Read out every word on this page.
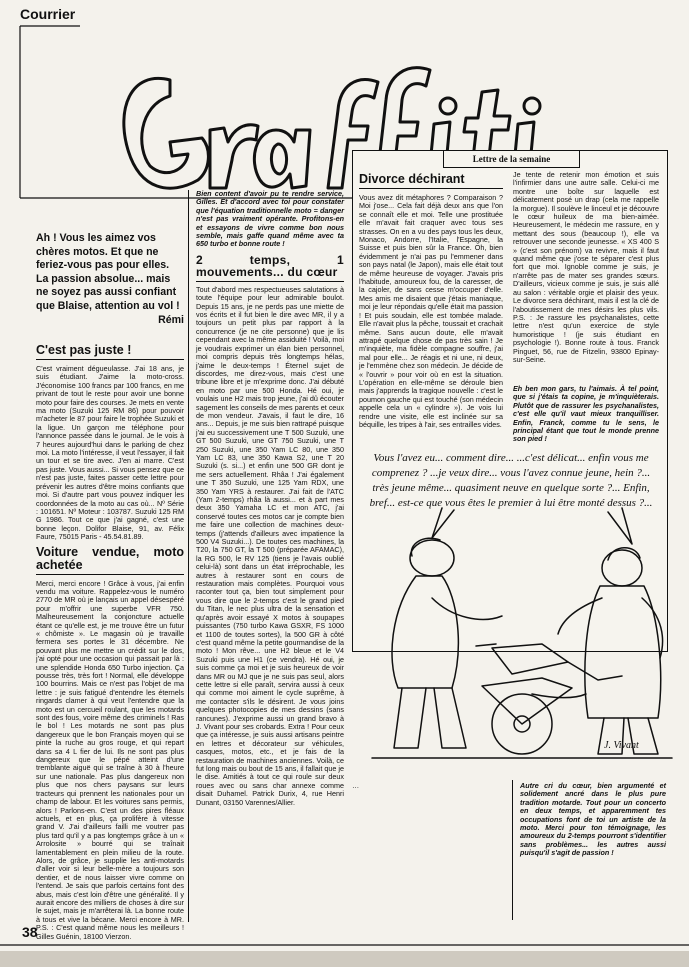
Courrier
Ah ! Vous les aimez vos chères motos. Et que ne feriez-vous pas pour elles. La passion absolue... mais ne soyez pas aussi confiant que Blaise, attention au vol !
Rémi
C'est pas juste !

C'est vraiment dégueulasse. J'ai 18 ans, je suis étudiant. J'aime la moto-cross. J'économise 100 francs par 100 francs, en me privant de tout le reste pour avoir une bonne moto pour faire des courses. Je mets en vente ma moto (Suzuki 125 RM 86) pour pouvoir m'acheter le 87 pour faire le trophée Suzuki et la ligue. Un garçon me téléphone pour l'annonce passée dans le journal. Je le vois à 7 heures aujourd'hui dans le parking de chez moi. La moto l'intéresse, il veut l'essayer, il fait un tour et se tire avec. J'en ai marre. C'est pas juste. Vous aussi... Si vous pensez que ce n'est pas juste, faites passer cette lettre pour prévenir les autres d'être moins confiants que moi. Si d'autre part vous pouvez indiquer les coordonnées de la moto au cas où... Nº Série : 101651. Nº Moteur : 103787. Suzuki 125 RM G 1986. Tout ce que j'ai gagné, c'est une bonne leçon. Dolifor Blaise, 91, av. Félix Faure, 75015 Paris - 45.54.81.89.

Voiture vendue, moto achetée

Merci, merci encore ! Grâce à vous, j'ai enfin vendu ma voiture. Rappelez-vous le numéro 2770 de MR où je lançais un appel désespéré pour m'offrir une superbe VFR 750. Malheureusement la conjoncture actuelle étant ce qu'elle est, je me trouve être un futur « chômiste ». Le magasin où je travaille fermera ses portes le 31 décembre. Ne pouvant plus me mettre un crédit sur le dos, j'ai opté pour une occasion qui passait par là : une splendide Honda 650 Turbo injection. Ça pousse très, très fort ! Normal, elle développe 100 bourrins. Mais ce n'est pas l'objet de ma lettre : je suis fatigué d'entendre les éternels ringards clamer à qui veut l'entendre que la moto est un cercueil roulant, que les motards sont des fous, voire même des criminels ! Ras le bol ! Les motards ne sont pas plus dangereux que le bon Français moyen qui se pinte la ruche au gros rouge, et qui repart dans sa 4 L fier de lui. Ils ne sont pas plus dangereux que le pépé atteint d'une tremblante aiguë qui se traîne à 30 à l'heure sur une nationale. Pas plus dangereux non plus que nos chers paysans sur leurs tracteurs qui prennent les nationales pour un champ de labour. Et les voitures sans permis, alors ! Parlons-en. C'est un des pires fléaux actuels, et en plus, ça prolifère à vitesse grand V. J'ai d'ailleurs failli me voutrer pas plus tard qu'il y a pas longtemps grâce à un « Arrolosite » bourré qui se traînait lamentablement en plein milieu de la route. Alors, de grâce, je supplie les anti-motards d'aller voir si leur belle-mère a toujours son dentier, et de nous laisser vivre comme on l'entend. Je sais que parfois certains font des abus, mais c'est loin d'être une généralité. Il y aurait encore des milliers de choses à dire sur le sujet, mais je m'arrêterai là. La bonne route à tous et vive la bécane. Merci encore à MR. P.S. : C'est quand même nous les meilleurs ! Gilles Guénin, 18100 Vierzon.

Bien content d'avoir pu te rendre service, Gilles. Et d'accord avec toi pour constater que l'équation traditionnelle moto = danger n'est pas vraiment opérante. Profitons-en et essayons de vivre comme bon nous semble, mais gaffe quand même avec ta 650 turbo et bonne route !

2 temps, 1 mouvements... du cœur

Tout d'abord mes respectueuses salutations à toute l'équipe pour leur admirable boulot. Depuis 15 ans, je ne perds pas une miette de vos écrits et il fut bien le dire avec MR, il y a toujours un petit plus par rapport à la concurrence (je ne cite personne) que je lis cependant avec la même assiduité ! Voilà, moi je voudrais exprimer un élan bien personnel, moi compris depuis très longtemps hélas, j'aime le deux-temps ! Éternel sujet de discordes, me direz-vous, mais c'est une tribune libre et je m'exprime donc. J'ai débuté en moto par une 500 Honda. Hé oui, je voulais une H2 mais trop jeune, j'ai dû écouter sagement les conseils de mes parents et ceux de mon vendeur. J'avais, il faut le dire, 16 ans... Depuis, je me suis bien rattrapé puisque j'ai eu successivement une T 500 Suzuki, une GT 500 Suzuki, une GT 750 Suzuki, une T 250 Suzuki, une 350 Yam LC 80, une 350 Yam LC 83, une 350 Kawa S2, une T 20 Suzuki (s. si...) et enfin une 500 GR dont je me sers actuellement. Rhâa ! J'ai également une T 350 Suzuki, une 125 Yam RDX, une 350 Yam YRS à restaurer. J'ai fait de l'ATC (Yam 2-temps) rhâa là aussi... et à part mes deux 350 Yamaha LC et mon ATC, j'ai conservé toutes ces motos car je compte bien me faire une collection de machines deux-temps (j'attends d'ailleurs avec impatience la 500 V4 Suzuki...). De toutes ces machines, la T20, la 750 GT, la T 500 (préparée AFAMAC), la RG 500, le RV 125 (tiens je l'avais oublié celui-là) sont dans un état irréprochable, les autres à restaurer sont en cours de restauration mais complètes. Pourquoi vous raconter tout ça, bien tout simplement pour vous dire que le 2-temps c'est le grand pied du Titan, le nec plus ultra de la sensation et qu'après avoir essayé X motos à soupapes puissantes (750 turbo Kawa GSXR, FS 1000 et 1100 de toutes sortes), la 500 GR à côté c'est quand même la petite gourmandise de la moto ! Mon rêve... une H2 bleue et le V4 Suzuki puis une H1 (ce vendra). Hé oui, je suis comme ça moi et je suis heureux de voir dans MR ou MJ que je ne suis pas seul, alors cette lettre si elle paraît, servira aussi à ceux qui comme moi aiment le cycle suprême, à me contacter s'ils le désirent. Je vous joins quelques photocopies de mes dessins (sans rancunes). J'exprime aussi un grand bravo à J. Vivant pour ses crobards. Extra ! Pour ceux que ça intéresse, je suis aussi artisans peintre en lettres et décorateur sur véhicules, casques, motos, etc., et je fais de la restauration de machines anciennes. Voilà, ce fut long mais ou bout de 15 ans, il fallait que je le dise. Amitiés à tout ce qui roule sur deux roues avec ou sans char annexe comme disait Duhamel. Patrick Durix, 4, rue Henri Dunant, 03150 Varennes/Allier.

Lettre de la semaine
Divorce déchirant

Vous avez dit métaphores ? Comparaison ? Moi j'ose... Cela fait déjà deux ans que l'on se connaît elle et moi. Telle une prostituée elle m'avait fait craquer avec tous ses strasses. On en a vu des pays tous les deux, Monaco, Andorre, l'Italie, l'Espagne, la Suisse et puis bien sûr la France. Oh, bien évidemment je n'ai pas pu l'emmener dans son pays natal (le Japon), mais elle était tout de même heureuse de voyager. J'avais pris l'habitude, amoureux fou, de la caresser, de la cajoler, de sans cesse m'occuper d'elle. Mes amis me disaient que j'étais maniaque, moi je leur répondais qu'elle était ma passion ! Et puis soudain, elle est tombée malade. Elle n'avait plus la pêche, toussait et crachait même. Sans aucun doute, elle m'avait attrapé quelque chose de pas très sain ! Je m'inquiète, ma fidèle compagne souffre, j'ai mal pour elle... Je réagis et ni une, ni deux, je l'emmène chez son médecin. Je décide de « l'ouvrir » pour voir où en est la situation. L'opération en elle-même se déroule bien mais j'apprends la tragique nouvelle : c'est le poumon gauche qui est touché (son médecin appelle cela un « cylindre »). Je vois lui rendre une visite, elle est inclinée sur sa béquille, les tripes à l'air, ses entrailles vides.

Je tente de retenir mon émotion et suis l'infirmier dans une autre salle. Celui-ci me montre une boîte sur laquelle est délicatement posé un drap (cela me rappelle la morgue). Il soulève le linceul et je découvre le cœur huileux de ma bien-aimée. Heureusement, le médecin me rassure, en y mettant des sous (beaucoup !), elle va retrouver une seconde jeunesse. « XS 400 S » (c'est son prénom) va revivre, mais il faut quand même que j'ose te séparer c'est plus fort que moi. Ignoble comme je suis, je n'arrête pas de mater ses grandes sœurs. D'ailleurs, vicieux comme je suis, je suis allé au salon : véritable orgie et plaisir des yeux. Le divorce sera déchirant, mais il est la clé de l'aboutissement de mes désirs les plus vils. P.S. : Je rassure les psychanalistes, cette lettre n'est qu'un exercice de style humoristique ! (je suis étudiant en psychologie !). Bonne route à tous. Franck Pinguet, 56, rue de Fitzelin, 93800 Epinay-sur-Seine.

Eh ben mon gars, tu l'aimais. À tel point, que si j'étais ta copine, je m'inquièterais. Plutôt que de rassurer les psychanalistes, c'est elle qu'il vaut mieux tranquilliser. Enfin, Franck, comme tu le sens, le principal étant que tout le monde prenne son pied !

Vous l'avez eu... comment dire... ...c'est délicat... enfin vous me comprenez ? ...je veux dire... vous l'avez connue jeune, hein ?... très jeune même... quasiment neuve en quelque sorte ?... Enfin, bref... est-ce que vous êtes le premier à lui être monté dessus ?...
J. Vivant

…	Autre cri du cœur, bien argumenté et solidement ancré dans le plus pure tradition motarde. Tout pour un concerto en deux temps, et apparemment tes occupations font de toi un artiste de la moto. Merci pour ton témoignage, les amoureux du 2-temps pourront s'identifier sans problèmes... les autres aussi puisqu'il s'agit de passion !

38
